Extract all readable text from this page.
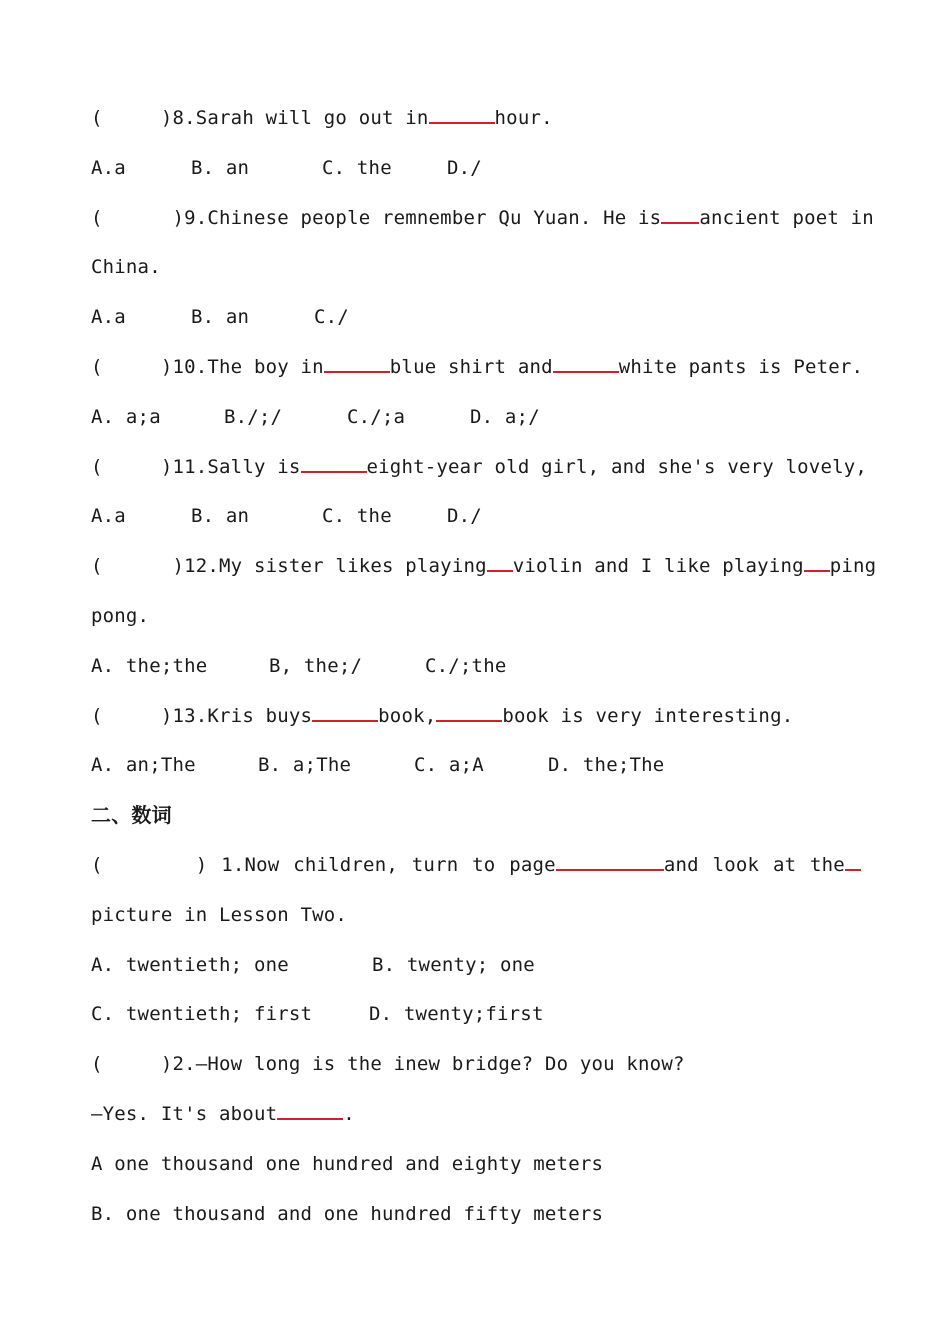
(     )8.Sarah will go out in	hour.
A.a	B. an	C. the	D./
(      )9.Chinese people remnember Qu Yuan. He is ancient poet in
China.
A.a	B. an	C./
(     )10.The boy in	blue shirt and	white pants is Peter.
A. a;a	B./;/	C./;a	D. a;/
(     )11.Sally is	eight-year old girl, and she's very lovely,
A.a	B. an	C. the	D./
(      )12.My sister likes playing violin and I like playing ping
pong.
A. the;the	B, the;/	C./;the
(     )13.Kris buys	book,	book is very interesting.
A. an;The	B. a;The	C. a;A	D. the;The
二、数词
(        ) 1.Now children, turn to page	and look at the
picture in Lesson Two.
A. twentieth; one	B. twenty; one
C. twentieth; first	D. twenty;first
(     )2.—How long is the inew bridge? Do you know?
—Yes. It's about	.
A one thousand one hundred and eighty meters
B. one thousand and one hundred fifty meters
